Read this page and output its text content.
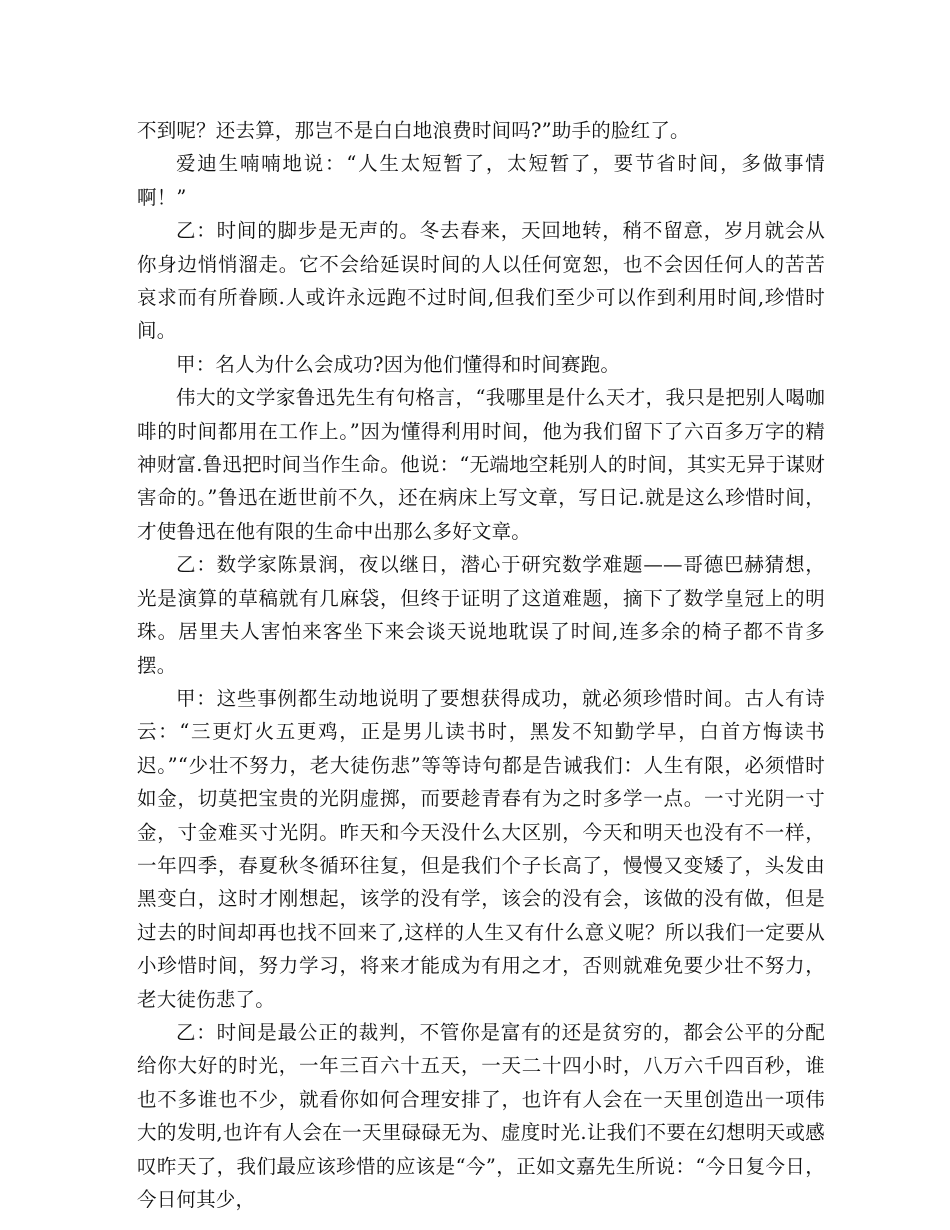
不到呢？还去算，那岂不是白白地浪费时间吗?”助手的脸红了。

爱迪生喃喃地说：“人生太短暂了，太短暂了，要节省时间，多做事情啊！”

乙：时间的脚步是无声的。冬去春来，天回地转，稍不留意，岁月就会从你身边悄悄溜走。它不会给延误时间的人以任何宽恕，也不会因任何人的苦苦哀求而有所眷顾.人或许永远跑不过时间,但我们至少可以作到利用时间,珍惜时间。

甲：名人为什么会成功?因为他们懂得和时间赛跑。

伟大的文学家鲁迅先生有句格言，“我哪里是什么天才，我只是把别人喝咖啡的时间都用在工作上。”因为懂得利用时间，他为我们留下了六百多万字的精神财富.鲁迅把时间当作生命。他说：“无端地空耗别人的时间，其实无异于谋财害命的。”鲁迅在逝世前不久，还在病床上写文章，写日记.就是这么珍惜时间，才使鲁迅在他有限的生命中出那么多好文章。

乙：数学家陈景润，夜以继日，潜心于研究数学难题——哥德巴赫猜想，光是演算的草稿就有几麻袋，但终于证明了这道难题，摘下了数学皇冠上的明珠。居里夫人害怕来客坐下来会谈天说地耽误了时间,连多余的椅子都不肯多摆。

甲：这些事例都生动地说明了要想获得成功，就必须珍惜时间。古人有诗云：“三更灯火五更鸡，正是男儿读书时，黑发不知勤学早，白首方悔读书迟。”“少壮不努力，老大徒伤悲”等等诗句都是告诫我们：人生有限，必须惜时如金，切莫把宝贵的光阴虚掷，而要趁青春有为之时多学一点。一寸光阴一寸金，寸金难买寸光阴。昨天和今天没什么大区别，今天和明天也没有不一样，一年四季，春夏秋冬循环往复，但是我们个子长高了，慢慢又变矮了，头发由黑变白，这时才刚想起，该学的没有学，该会的没有会，该做的没有做，但是过去的时间却再也找不回来了,这样的人生又有什么意义呢？所以我们一定要从小珍惜时间，努力学习，将来才能成为有用之才，否则就难免要少壮不努力，老大徒伤悲了。

乙：时间是最公正的裁判，不管你是富有的还是贫穷的，都会公平的分配给你大好的时光，一年三百六十五天，一天二十四小时，八万六千四百秒，谁也不多谁也不少，就看你如何合理安排了，也许有人会在一天里创造出一项伟大的发明,也许有人会在一天里碌碌无为、虚度时光.让我们不要在幻想明天或感叹昨天了，我们最应该珍惜的应该是“今”，正如文嘉先生所说：“今日复今日，今日何其少，
